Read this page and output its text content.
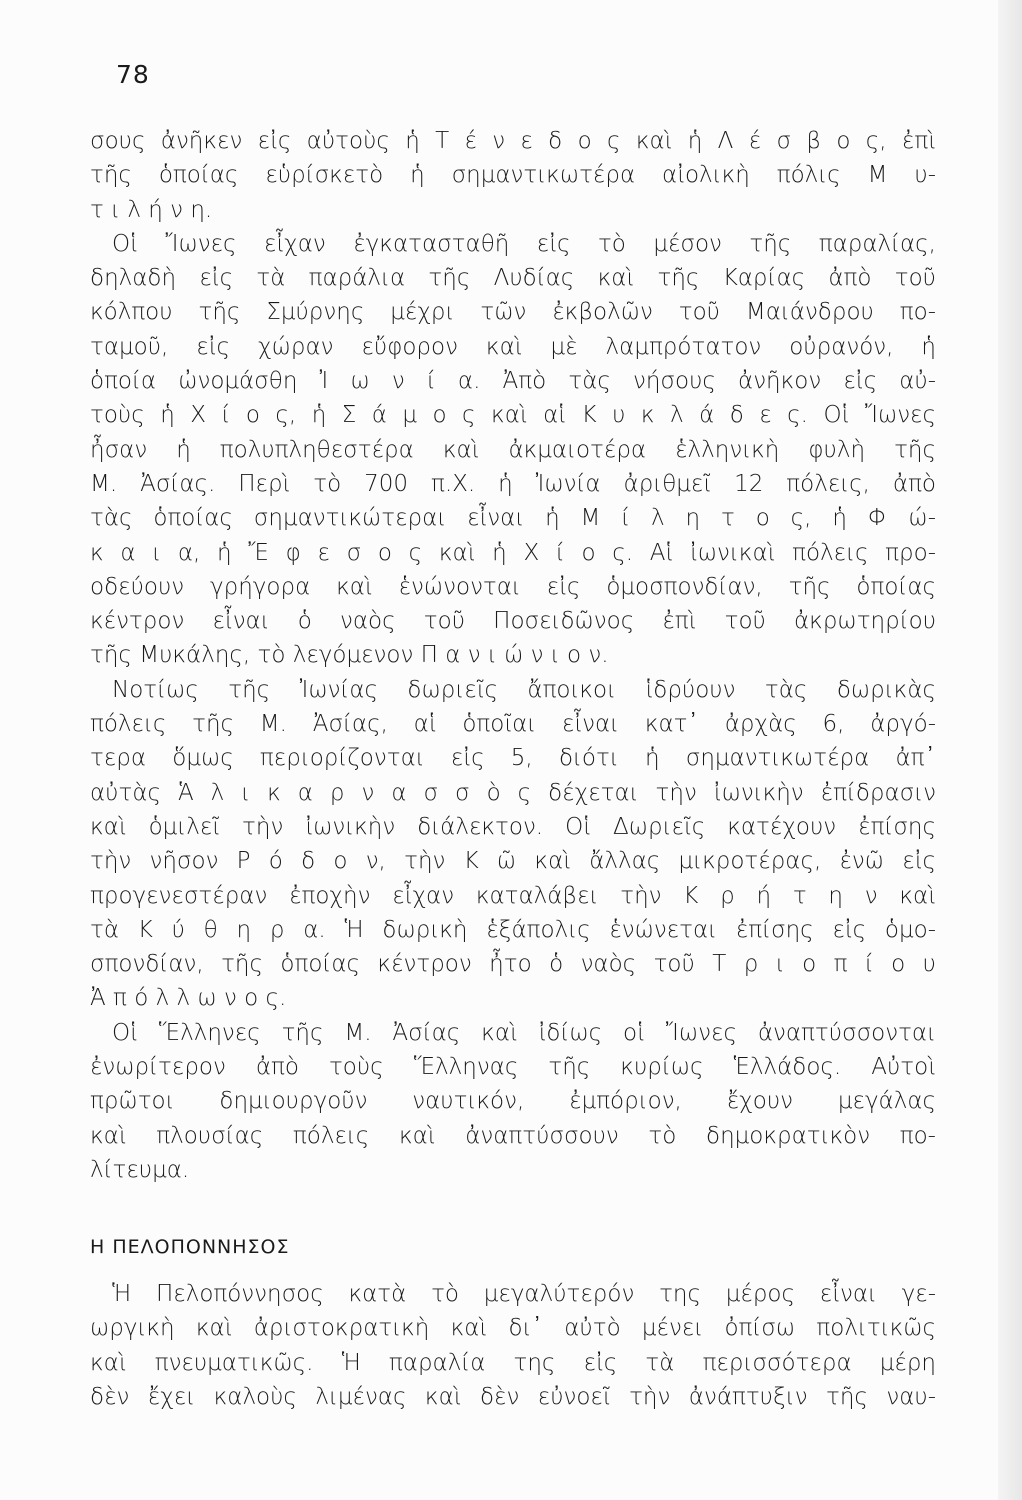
78
σους ἀνῆκεν εἰς αὐτοὺς ἡ Τ έ ν ε δ ο ς καὶ ἡ Λ έ σ β ο ς, ἐπὶ
τῆς ὁποίας εὑρίσκετὸ ἡ σημαντικωτέρα αἰολικὴ πόλις Μ υ-
τ ι λ ή ν η.
Οἱ Ἴωνες εἶχαν ἐγκατασταθῆ εἰς τὸ μέσον τῆς παραλίας,
δηλαδὴ εἰς τὰ παράλια τῆς Λυδίας καὶ τῆς Καρίας ἀπὸ τοῦ
κόλπου τῆς Σμύρνης μέχρι τῶν ἐκβολῶν τοῦ Μαιάνδρου πο-
ταμοῦ, εἰς χώραν εὔφορον καὶ μὲ λαμπρότατον οὐρανόν, ἡ
ὁποία ὠνομάσθη Ἰ ω ν ί α. Ἀπὸ τὰς νήσους ἀνῆκον εἰς αὐ-
τοὺς ἡ Χ ί ο ς, ἡ Σ ά μ ο ς καὶ αἱ Κ υ κ λ ά δ ε ς. Οἱ Ἴωνες
ἦσαν ἡ πολυπληθεστέρα καὶ ἀκμαιοτέρα ἑλληνικὴ φυλὴ τῆς
Μ. Ἀσίας. Περὶ τὸ 700 π.Χ. ἡ Ἰωνία ἀριθμεῖ 12 πόλεις, ἀπὸ
τὰς ὁποίας σημαντικώτεραι εἶναι ἡ Μ ί λ η τ ο ς, ἡ Φ ώ-
κ α ι α, ἡ Ἔ φ ε σ ο ς καὶ ἡ Χ ί ο ς. Αἱ ἰωνικαὶ πόλεις προ-
οδεύουν γρήγορα καὶ ἑνώνονται εἰς ὁμοσπονδίαν, τῆς ὁποίας
κέντρον εἶναι ὁ ναὸς τοῦ Ποσειδῶνος ἐπὶ τοῦ ἀκρωτηρίου
τῆς Μυκάλης, τὸ λεγόμενον Π α ν ι ώ ν ι ο ν.
Νοτίως τῆς Ἰωνίας δωριεῖς ἄποικοι ἱδρύουν τὰς δωρικὰς
πόλεις τῆς Μ. Ἀσίας, αἱ ὁποῖαι εἶναι κατ᾿ ἀρχὰς 6, ἀργό-
τερα ὅμως περιορίζονται εἰς 5, διότι ἡ σημαντικωτέρα ἀπ᾿
αὐτὰς Ἁ λ ι κ α ρ ν α σ σ ὸ ς δέχεται τὴν ἰωνικὴν ἐπίδρασιν
καὶ ὁμιλεῖ τὴν ἰωνικὴν διάλεκτον. Οἱ Δωριεῖς κατέχουν ἐπίσης
τὴν νῆσον Ρ ό δ ο ν, τὴν Κ ῶ καὶ ἄλλας μικροτέρας, ἐνῶ εἰς
προγενεστέραν ἐποχὴν εἶχαν καταλάβει τὴν Κ ρ ή τ η ν καὶ
τὰ Κ ύ θ η ρ α. Ἡ δωρικὴ ἑξάπολις ἑνώνεται ἐπίσης εἰς ὁμο-
σπονδίαν, τῆς ὁποίας κέντρον ἦτο ὁ ναὸς τοῦ Τ ρ ι ο π ί ο υ
Ἀ π ό λ λ ω ν ο ς.
Οἱ Ἕλληνες τῆς Μ. Ἀσίας καὶ ἰδίως οἱ Ἴωνες ἀναπτύσσονται
ἐνωρίτερον ἀπὸ τοὺς Ἕλληνας τῆς κυρίως Ἑλλάδος. Αὐτοὶ
πρῶτοι δημιουργοῦν ναυτικόν, ἐμπόριον, ἔχουν μεγάλας
καὶ πλουσίας πόλεις καὶ ἀναπτύσσουν τὸ δημοκρατικὸν πο-
λίτευμα.
Η ΠΕΛΟΠΟΝΝΗΣΟΣ
Ἡ Πελοπόννησος κατὰ τὸ μεγαλύτερόν της μέρος εἶναι γε-
ωργικὴ καὶ ἀριστοκρατικὴ καὶ δι᾿ αὐτὸ μένει ὀπίσω πολιτικῶς
καὶ πνευματικῶς. Ἡ παραλία της εἰς τὰ περισσότερα μέρη
δὲν ἔχει καλοὺς λιμένας καὶ δὲν εὐνοεῖ τὴν ἀνάπτυξιν τῆς ναυ-
